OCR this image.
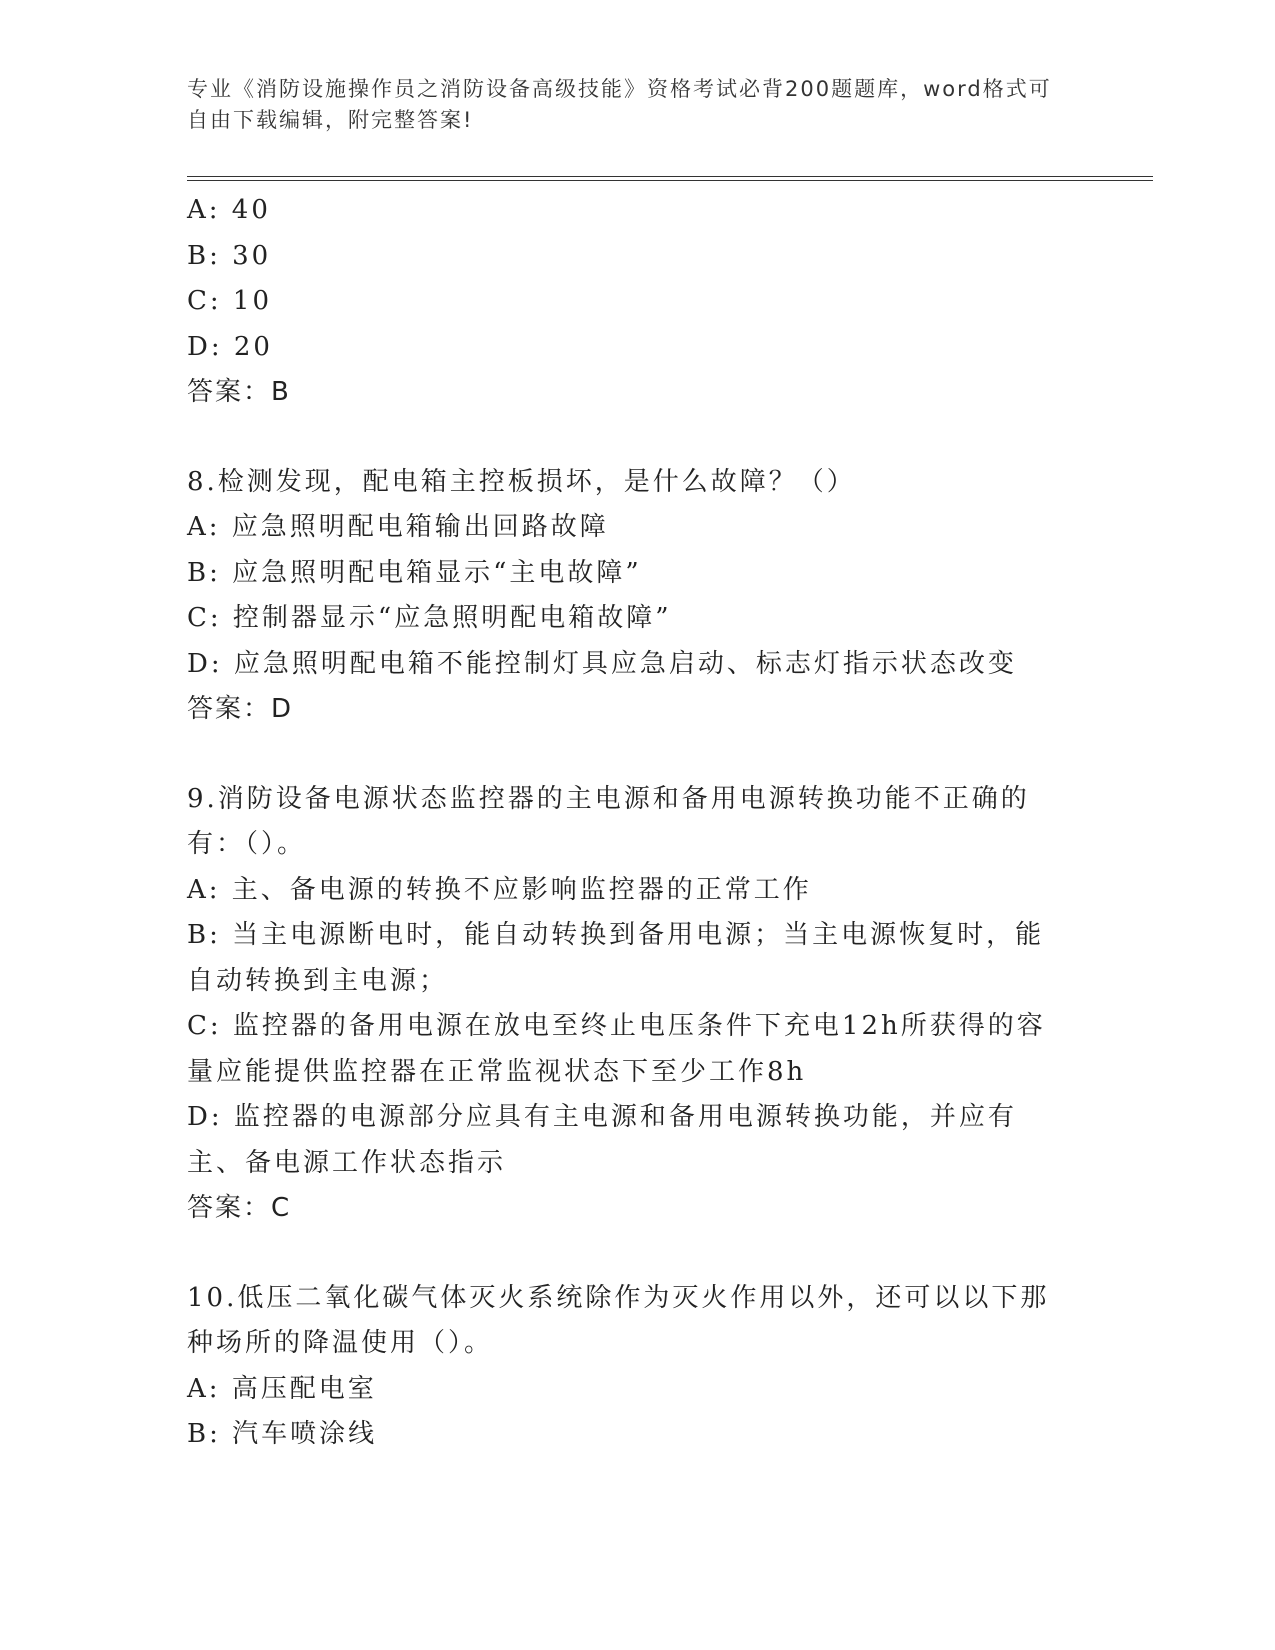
专业《消防设施操作员之消防设备高级技能》资格考试必背200题题库，word格式可自由下载编辑，附完整答案!
A: 40
B: 30
C: 10
D: 20
答案：B
8.检测发现，配电箱主控板损坏，是什么故障？（）
A: 应急照明配电箱输出回路故障
B: 应急照明配电箱显示“主电故障”
C: 控制器显示“应急照明配电箱故障”
D: 应急照明配电箱不能控制灯具应急启动、标志灯指示状态改变
答案：D
9.消防设备电源状态监控器的主电源和备用电源转换功能不正确的有：（）。
A: 主、备电源的转换不应影响监控器的正常工作
B: 当主电源断电时，能自动转换到备用电源；当主电源恢复时，能自动转换到主电源；
C: 监控器的备用电源在放电至终止电压条件下充电12h所获得的容量应能提供监控器在正常监视状态下至少工作8h
D: 监控器的电源部分应具有主电源和备用电源转换功能，并应有主、备电源工作状态指示
答案：C
10.低压二氧化碳气体灭火系统除作为灭火作用以外，还可以以下那种场所的降温使用（）。
A: 高压配电室
B: 汽车喷涂线
